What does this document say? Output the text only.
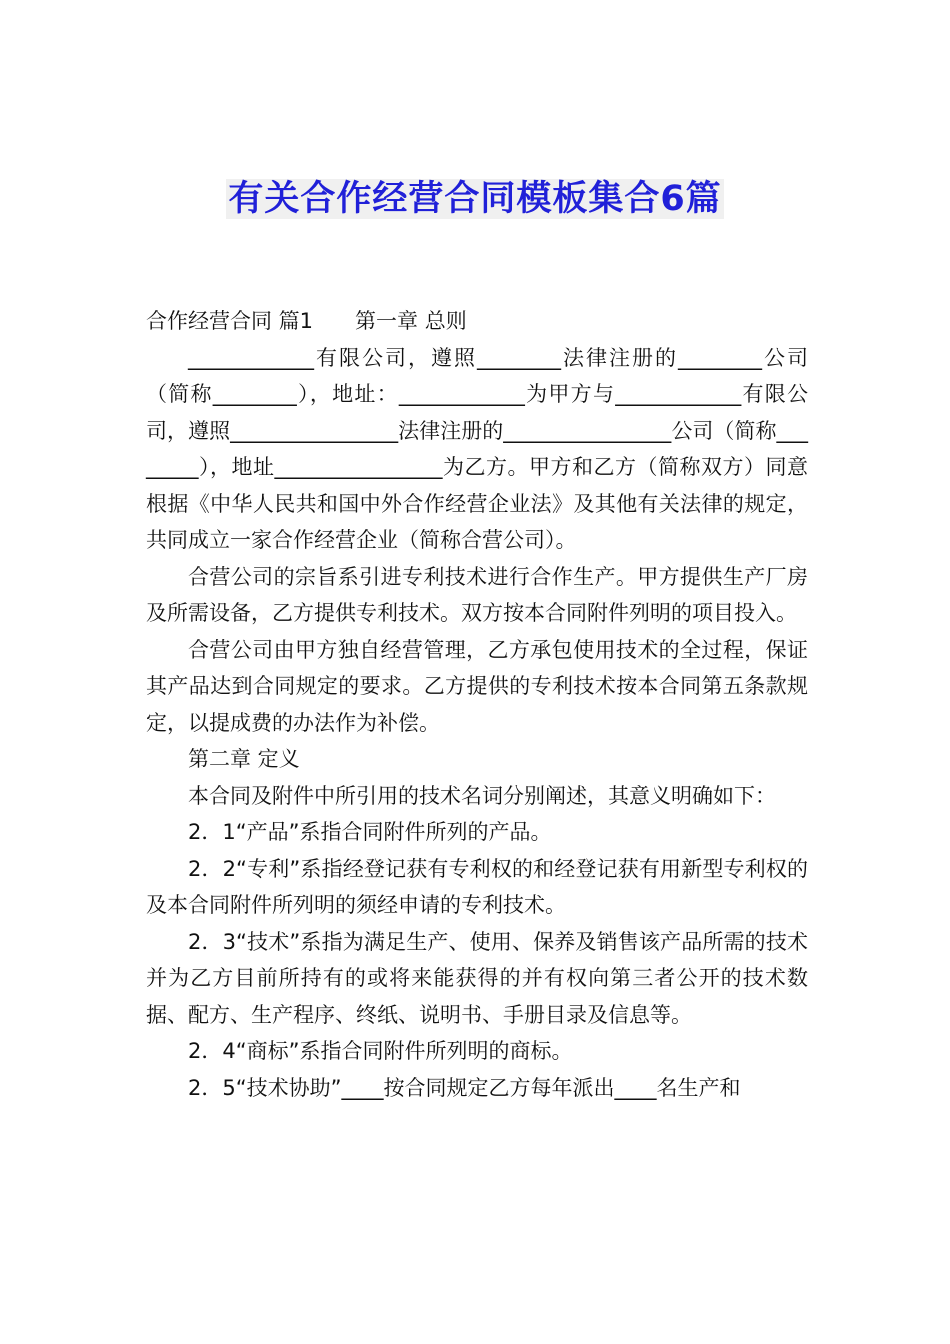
有关合作经营合同模板集合6篇

合作经营合同 篇1 第一章 总则

____________有限公司，遵照________法律注册的________公司（简称________），地址：____________为甲方与____________有限公司，遵照________________法律注册的________________公司（简称________），地址________________为乙方。甲方和乙方（简称双方）同意根据《中华人民共和国中外合作经营企业法》及其他有关法律的规定，共同成立一家合作经营企业（简称合营公司）。

合营公司的宗旨系引进专利技术进行合作生产。甲方提供生产厂房及所需设备，乙方提供专利技术。双方按本合同附件列明的项目投入。

合营公司由甲方独自经营管理，乙方承包使用技术的全过程，保证其产品达到合同规定的要求。乙方提供的专利技术按本合同第五条款规定，以提成费的办法作为补偿。

第二章 定义

本合同及附件中所引用的技术名词分别阐述，其意义明确如下：

2．1“产品”系指合同附件所列的产品。

2．2“专利”系指经登记获有专利权的和经登记获有用新型专利权的及本合同附件所列明的须经申请的专利技术。

2．3“技术”系指为满足生产、使用、保养及销售该产品所需的技术并为乙方目前所持有的或将来能获得的并有权向第三者公开的技术数据、配方、生产程序、终纸、说明书、手册目录及信息等。

2．4“商标”系指合同附件所列明的商标。

2．5“技术协助”____按合同规定乙方每年派出____名生产和
